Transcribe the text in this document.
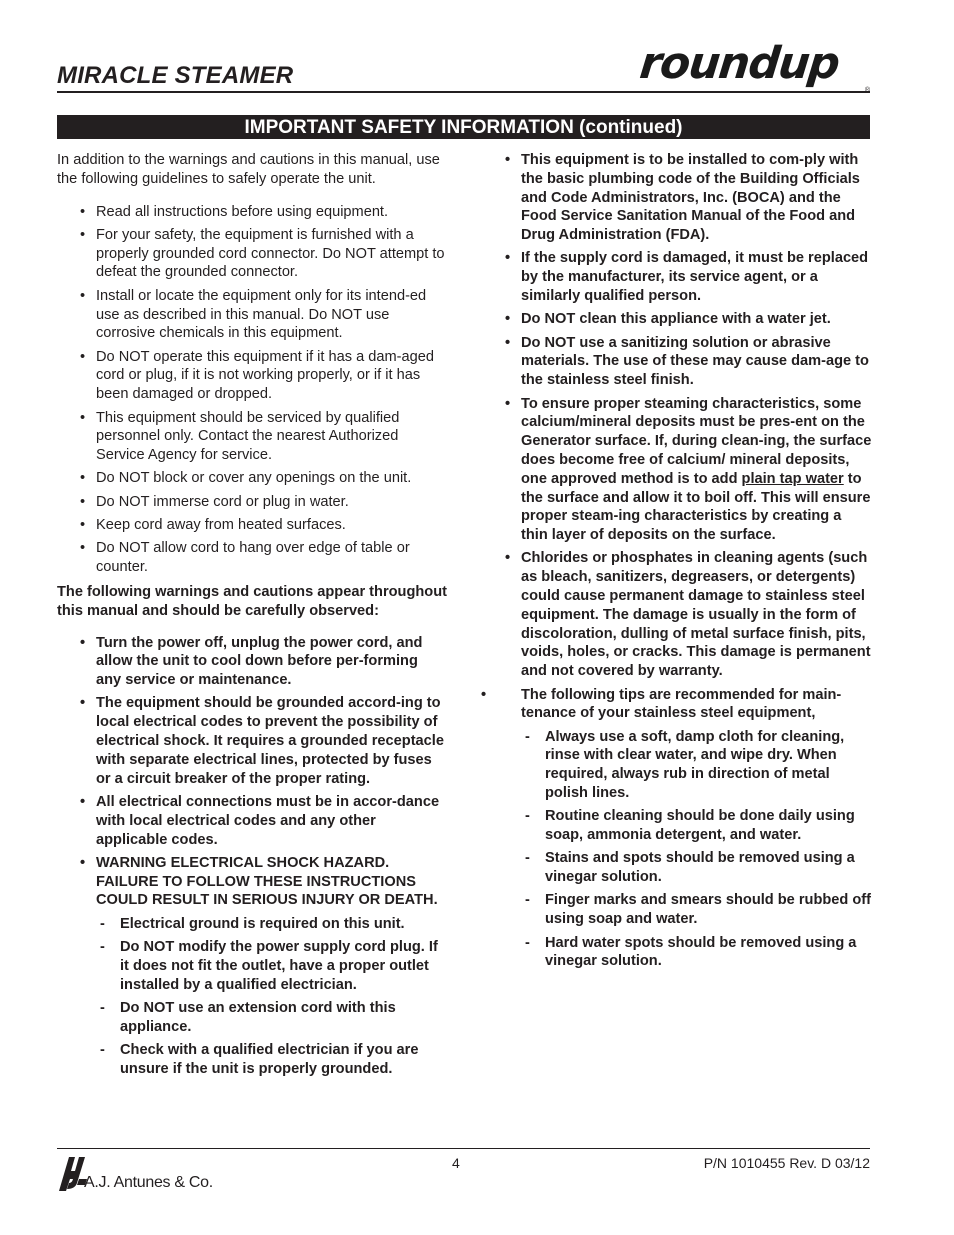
MIRACLE STEAMER	roundup
IMPORTANT SAFETY INFORMATION (continued)

In addition to the warnings and cautions in this manual, use the following guidelines to safely operate the unit.

• Read all instructions before using equipment.
• For your safety, the equipment is furnished with a properly grounded cord connector. Do NOT attempt to defeat the grounded connector.
• Install or locate the equipment only for its intend-ed use as described in this manual. Do NOT use corrosive chemicals in this equipment.
• Do NOT operate this equipment if it has a dam-aged cord or plug, if it is not working properly, or if it has been damaged or dropped.
• This equipment should be serviced by qualified personnel only. Contact the nearest Authorized Service Agency for service.
• Do NOT block or cover any openings on the unit.
• Do NOT immerse cord or plug in water.
• Keep cord away from heated surfaces.
• Do NOT allow cord to hang over edge of table or counter.

The following warnings and cautions appear throughout this manual and should be carefully observed:

• Turn the power off, unplug the power cord, and allow the unit to cool down before per-forming any service or maintenance.
• The equipment should be grounded accord-ing to local electrical codes to prevent the possibility of electrical shock. It requires a grounded receptacle with separate electrical lines, protected by fuses or a circuit breaker of the proper rating.
• All electrical connections must be in accor-dance with local electrical codes and any other applicable codes.
• WARNING ELECTRICAL SHOCK HAZARD. FAILURE TO FOLLOW THESE INSTRUCTIONS COULD RESULT IN SERIOUS INJURY OR DEATH.
- Electrical ground is required on this unit.
- Do NOT modify the power supply cord plug. If it does not fit the outlet, have a proper outlet installed by a qualified electrician.
- Do NOT use an extension cord with this appliance.
- Check with a qualified electrician if you are unsure if the unit is properly grounded.
• This equipment is to be installed to com-ply with the basic plumbing code of the Building Officials and Code Administrators, Inc. (BOCA) and the Food Service Sanitation Manual of the Food and Drug Administration (FDA).
• If the supply cord is damaged, it must be replaced by the manufacturer, its service agent, or a similarly qualified person.
• Do NOT clean this appliance with a water jet.
• Do NOT use a sanitizing solution or abrasive materials. The use of these may cause dam-age to the stainless steel finish.
• To ensure proper steaming characteristics, some calcium/mineral deposits must be pres-ent on the Generator surface. If, during clean-ing, the surface does become free of calcium/ mineral deposits, one approved method is to add plain tap water to the surface and allow it to boil off. This will ensure proper steam-ing characteristics by creating a thin layer of deposits on the surface.
• Chlorides or phosphates in cleaning agents (such as bleach, sanitizers, degreasers, or detergents) could cause permanent damage to stainless steel equipment. The damage is usually in the form of discoloration, dulling of metal surface finish, pits, voids, holes, or cracks. This damage is permanent and not covered by warranty.
• The following tips are recommended for main-tenance of your stainless steel equipment,
- Always use a soft, damp cloth for cleaning, rinse with clear water, and wipe dry. When required, always rub in direction of metal polish lines.
- Routine cleaning should be done daily using soap, ammonia detergent, and water.
- Stains and spots should be removed using a vinegar solution.
- Finger marks and smears should be rubbed off using soap and water.
- Hard water spots should be removed using a vinegar solution.
A.J. Antunes & Co.
4	P/N 1010455 Rev. D 03/12
